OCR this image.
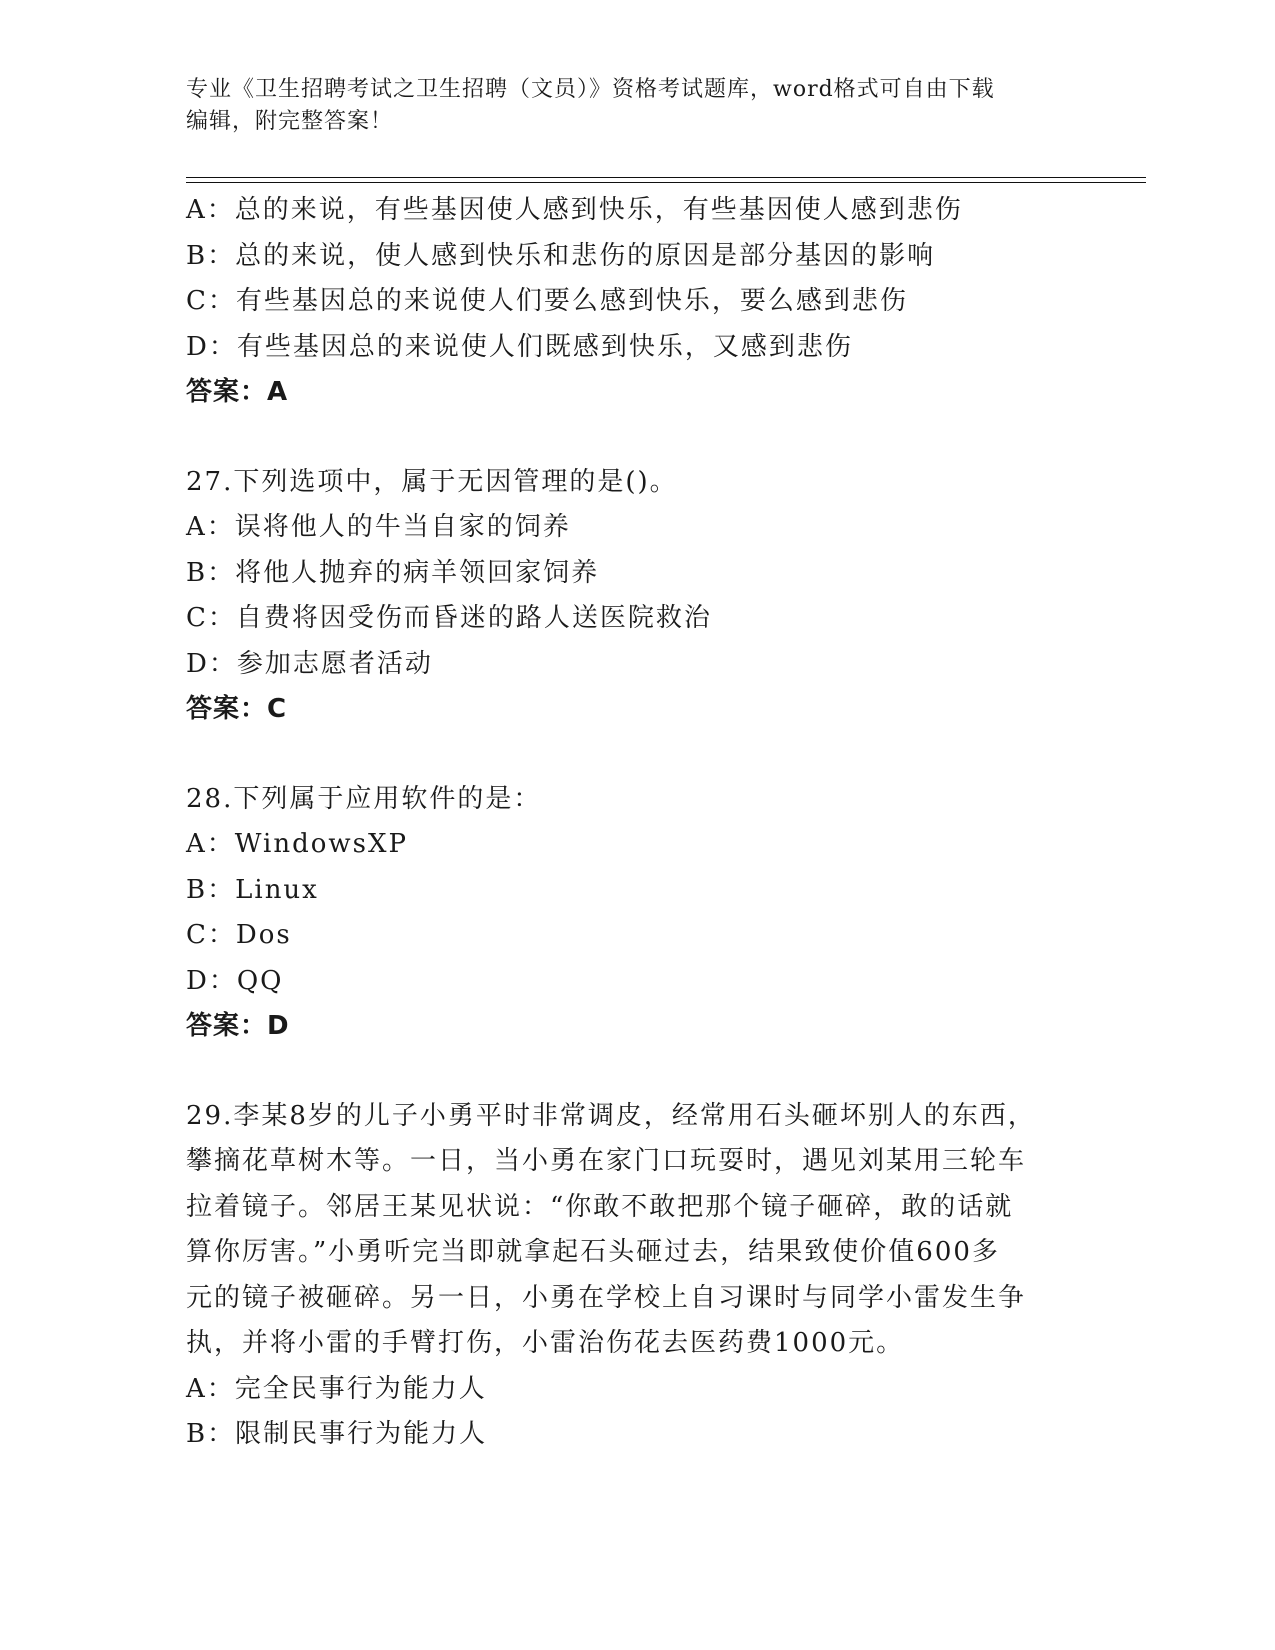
专业《卫生招聘考试之卫生招聘（文员）》资格考试题库，word格式可自由下载
编辑，附完整答案！
A：总的来说，有些基因使人感到快乐，有些基因使人感到悲伤
B：总的来说，使人感到快乐和悲伤的原因是部分基因的影响
C：有些基因总的来说使人们要么感到快乐，要么感到悲伤
D：有些基因总的来说使人们既感到快乐，又感到悲伤
答案：A
27.下列选项中，属于无因管理的是()。
A：误将他人的牛当自家的饲养
B：将他人抛弃的病羊领回家饲养
C：自费将因受伤而昏迷的路人送医院救治
D：参加志愿者活动
答案：C
28.下列属于应用软件的是：
A：WindowsXP
B：Linux
C：Dos
D：QQ
答案：D
29.李某8岁的儿子小勇平时非常调皮，经常用石头砸坏别人的东西，
攀摘花草树木等。一日，当小勇在家门口玩耍时，遇见刘某用三轮车
拉着镜子。邻居王某见状说：“你敢不敢把那个镜子砸碎，敢的话就
算你厉害。”小勇听完当即就拿起石头砸过去，结果致使价值600多
元的镜子被砸碎。另一日，小勇在学校上自习课时与同学小雷发生争
执，并将小雷的手臂打伤，小雷治伤花去医药费1000元。
A：完全民事行为能力人
B：限制民事行为能力人
